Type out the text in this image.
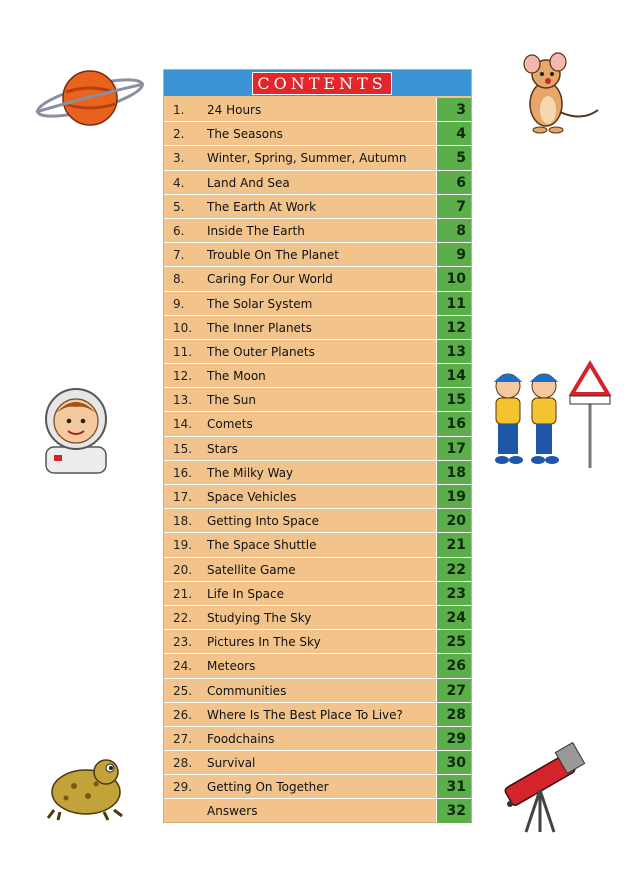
CONTENTS
1. 24 Hours	3
2. The Seasons	4
3. Winter, Spring, Summer, Autumn	5
4. Land And Sea	6
5. The Earth At Work	7
6. Inside The Earth	8
7. Trouble On The Planet	9
8. Caring For Our World	10
9. The Solar System	11
10. The Inner Planets	12
11. The Outer Planets	13
12. The Moon	14
13. The Sun	15
14. Comets	16
15. Stars	17
16. The Milky Way	18
17. Space Vehicles	19
18. Getting Into Space	20
19. The Space Shuttle	21
20. Satellite Game	22
21. Life In Space	23
22. Studying The Sky	24
23. Pictures In The Sky	25
24. Meteors	26
25. Communities	27
26. Where Is The Best Place To Live?	28
27. Foodchains	29
28. Survival	30
29. Getting On Together	31
Answers	32
